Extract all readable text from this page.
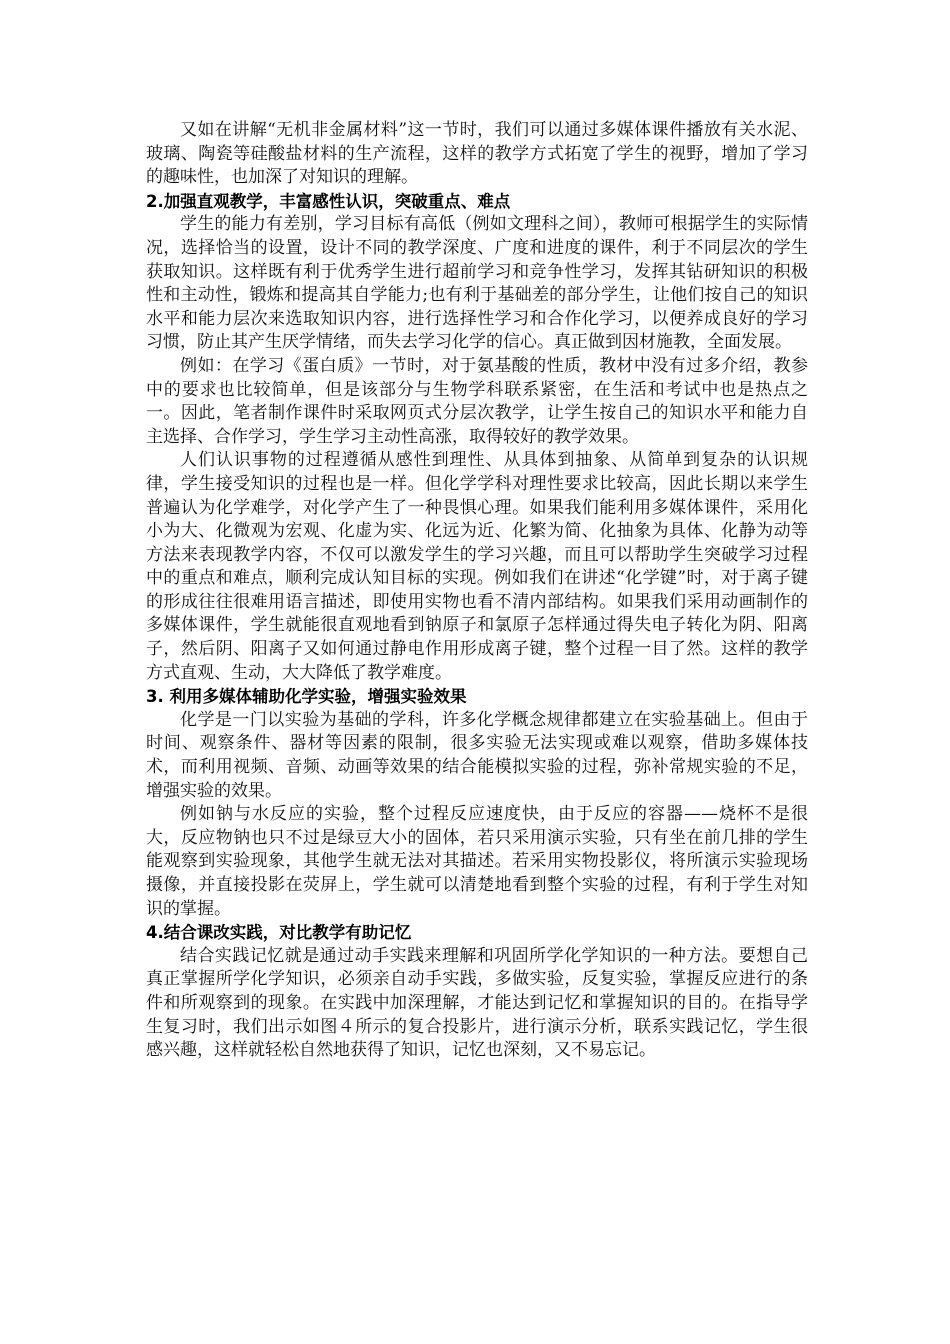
又如在讲解“无机非金属材料”这一节时，我们可以通过多媒体课件播放有关水泥、玻璃、陶瓷等硅酸盐材料的生产流程，这样的教学方式拓宽了学生的视野，增加了学习的趣味性，也加深了对知识的理解。

2.加强直观教学，丰富感性认识，突破重点、难点

学生的能力有差别，学习目标有高低（例如文理科之间），教师可根据学生的实际情况，选择恰当的设置，设计不同的教学深度、广度和进度的课件，利于不同层次的学生获取知识。这样既有利于优秀学生进行超前学习和竞争性学习，发挥其钻研知识的积极性和主动性，锻炼和提高其自学能力;也有利于基础差的部分学生，让他们按自己的知识水平和能力层次来选取知识内容，进行选择性学习和合作化学习，以便养成良好的学习习惯，防止其产生厌学情绪，而失去学习化学的信心。真正做到因材施教，全面发展。

例如：在学习《蛋白质》一节时，对于氨基酸的性质，教材中没有过多介绍，教参中的要求也比较简单，但是该部分与生物学科联系紧密，在生活和考试中也是热点之一。因此，笔者制作课件时采取网页式分层次教学，让学生按自己的知识水平和能力自主选择、合作学习，学生学习主动性高涨，取得较好的教学效果。

人们认识事物的过程遵循从感性到理性、从具体到抽象、从简单到复杂的认识规律，学生接受知识的过程也是一样。但化学学科对理性要求比较高，因此长期以来学生普遍认为化学难学，对化学产生了一种畏惧心理。如果我们能利用多媒体课件，采用化小为大、化微观为宏观、化虚为实、化远为近、化繁为简、化抽象为具体、化静为动等方法来表现教学内容，不仅可以激发学生的学习兴趣，而且可以帮助学生突破学习过程中的重点和难点，顺利完成认知目标的实现。例如我们在讲述“化学键”时，对于离子键的形成往往很难用语言描述，即使用实物也看不清内部结构。如果我们采用动画制作的多媒体课件，学生就能很直观地看到钠原子和氯原子怎样通过得失电子转化为阴、阳离子，然后阴、阳离子又如何通过静电作用形成离子键，整个过程一目了然。这样的教学方式直观、生动，大大降低了教学难度。

3. 利用多媒体辅助化学实验，增强实验效果

化学是一门以实验为基础的学科，许多化学概念规律都建立在实验基础上。但由于时间、观察条件、器材等因素的限制，很多实验无法实现或难以观察，借助多媒体技术，而利用视频、音频、动画等效果的结合能模拟实验的过程，弥补常规实验的不足，增强实验的效果。

例如钠与水反应的实验，整个过程反应速度快，由于反应的容器——烧杯不是很大，反应物钠也只不过是绿豆大小的固体，若只采用演示实验，只有坐在前几排的学生能观察到实验现象，其他学生就无法对其描述。若采用实物投影仪，将所演示实验现场摄像，并直接投影在荧屏上，学生就可以清楚地看到整个实验的过程，有利于学生对知识的掌握。

4.结合课改实践，对比教学有助记忆

结合实践记忆就是通过动手实践来理解和巩固所学化学知识的一种方法。要想自己真正掌握所学化学知识，必须亲自动手实践，多做实验，反复实验，掌握反应进行的条件和所观察到的现象。在实践中加深理解，才能达到记忆和掌握知识的目的。在指导学生复习时，我们出示如图４所示的复合投影片，进行演示分析，联系实践记忆，学生很感兴趣，这样就轻松自然地获得了知识，记忆也深刻，又不易忘记。
